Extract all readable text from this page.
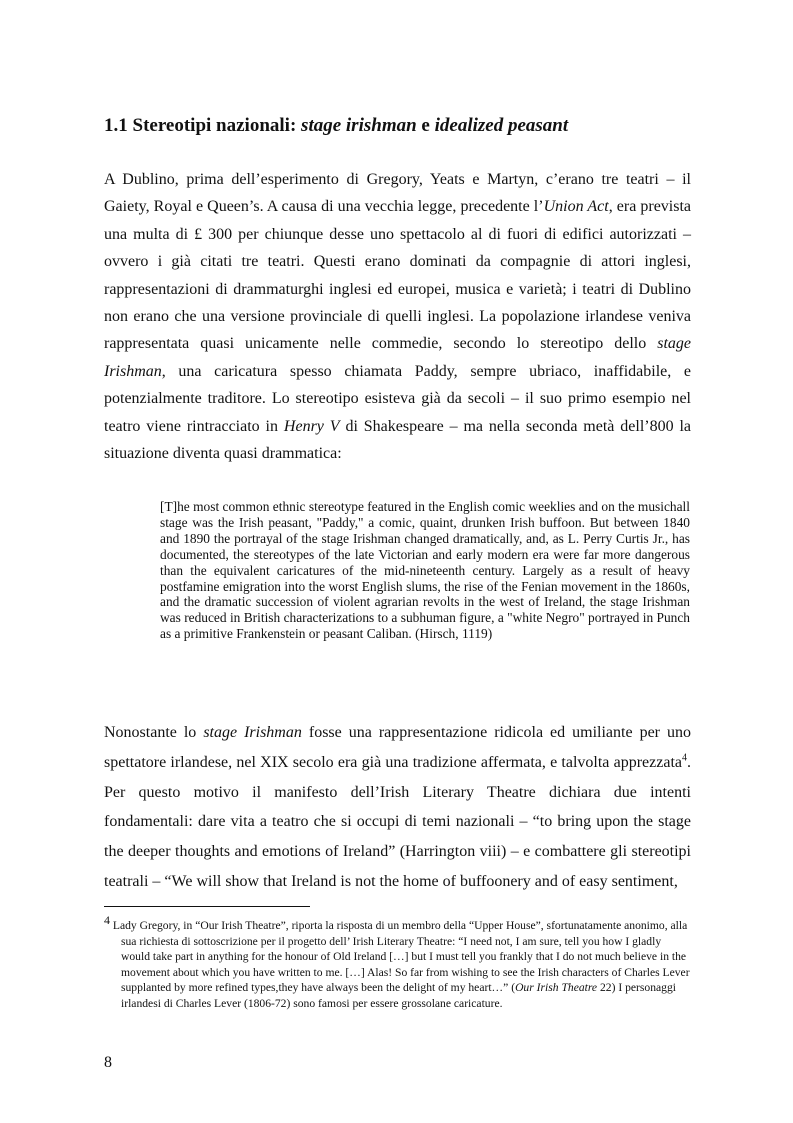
1.1 Stereotipi nazionali: stage irishman e idealized peasant

A Dublino, prima dell’esperimento di Gregory, Yeats e Martyn, c’erano tre teatri – il Gaiety, Royal e Queen’s. A causa di una vecchia legge, precedente l’Union Act, era prevista una multa di £ 300 per chiunque desse uno spettacolo al di fuori di edifici autorizzati – ovvero i già citati tre teatri. Questi erano dominati da compagnie di attori inglesi, rappresentazioni di drammaturghi inglesi ed europei, musica e varietà; i teatri di Dublino non erano che una versione provinciale di quelli inglesi. La popolazione irlandese veniva rappresentata quasi unicamente nelle commedie, secondo lo stereotipo dello stage Irishman, una caricatura spesso chiamata Paddy, sempre ubriaco, inaffidabile, e potenzialmente traditore. Lo stereotipo esisteva già da secoli – il suo primo esempio nel teatro viene rintracciato in Henry V di Shakespeare – ma nella seconda metà dell’800 la situazione diventa quasi drammatica:

[T]he most common ethnic stereotype featured in the English comic weeklies and on the musichall stage was the Irish peasant, "Paddy," a comic, quaint, drunken Irish buffoon. But between 1840 and 1890 the portrayal of the stage Irishman changed dramatically, and, as L. Perry Curtis Jr., has documented, the stereotypes of the late Victorian and early modern era were far more dangerous than the equivalent caricatures of the mid-nineteenth century. Largely as a result of heavy postfamine emigration into the worst English slums, the rise of the Fenian movement in the 1860s, and the dramatic succession of violent agrarian revolts in the west of Ireland, the stage Irishman was reduced in British characterizations to a subhuman figure, a "white Negro" portrayed in Punch as a primitive Frankenstein or peasant Caliban. (Hirsch, 1119)

Nonostante lo stage Irishman fosse una rappresentazione ridicola ed umiliante per uno spettatore irlandese, nel XIX secolo era già una tradizione affermata, e talvolta apprezzata$^4$. Per questo motivo il manifesto dell’Irish Literary Theatre dichiara due intenti fondamentali: dare vita a teatro che si occupi di temi nazionali – “to bring upon the stage the deeper thoughts and emotions of Ireland” (Harrington viii) – e combattere gli stereotipi teatrali – “We will show that Ireland is not the home of buffoonery and of easy sentiment,

4 Lady Gregory, in “Our Irish Theatre”, riporta la risposta di un membro della “Upper House”, sfortunatamente anonimo, alla sua richiesta di sottoscrizione per il progetto dell’ Irish Literary Theatre: “I need not, I am sure, tell you how I gladly would take part in anything for the honour of Old Ireland […] but I must tell you frankly that I do not much believe in the movement about which you have written to me. […] Alas! So far from wishing to see the Irish characters of Charles Lever supplanted by more refined types,they have always been the delight of my heart…” (Our Irish Theatre 22) I personaggi irlandesi di Charles Lever (1806-72) sono famosi per essere grossolane caricature.

8
